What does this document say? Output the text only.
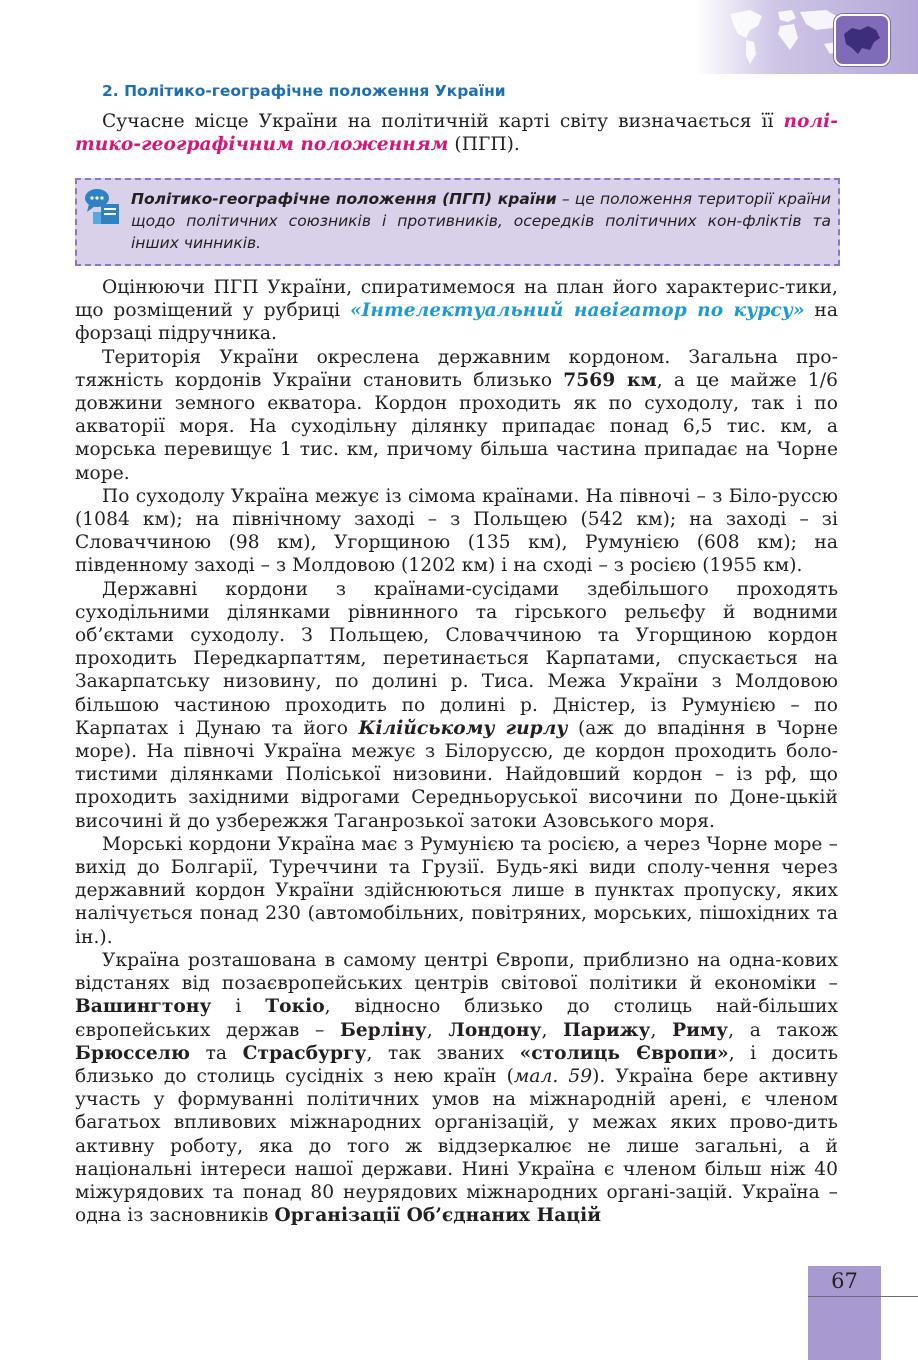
2. Політико-географічне положення України

Сучасне місце України на політичній карті світу визначається її полі-тико-географічним положенням (ПГП).

Політико-географічне положення (ПГП) країни – це положення території країни щодо політичних союзників і противників, осередків політичних кон-фліктів та інших чинників.

Оцінюючи ПГП України, спиратимемося на план його характерис-тики, що розміщений у рубриці «Інтелектуальний навігатор по курсу» на форзаці підручника.

Територія України окреслена державним кордоном. Загальна про-тяжність кордонів України становить близько 7569 км, а це майже 1/6 довжини земного екватора. Кордон проходить як по суходолу, так і по акваторії моря. На суходільну ділянку припадає понад 6,5 тис. км, а морська перевищує 1 тис. км, причому більша частина припадає на Чорне море.

По суходолу Україна межує із сімома країнами. На півночі – з Біло-руссю (1084 км); на північному заході – з Польщею (542 км); на заході – зі Словаччиною (98 км), Угорщиною (135 км), Румунією (608 км); на південному заході – з Молдовою (1202 км) і на сході – з росією (1955 км).

Державні кордони з країнами-сусідами здебільшого проходять суходільними ділянками рівнинного та гірського рельєфу й водними об’єктами суходолу. З Польщею, Словаччиною та Угорщиною кордон проходить Передкарпаттям, перетинається Карпатами, спускається на Закарпатську низовину, по долині р. Тиса. Межа України з Молдовою більшою частиною проходить по долині р. Дністер, із Румунією – по Карпатах і Дунаю та його Кілійському гирлу (аж до впадіння в Чорне море). На півночі Україна межує з Білоруссю, де кордон проходить боло-тистими ділянками Поліської низовини. Найдовший кордон – із рф, що проходить західними відрогами Середньоруської височини по Доне-цькій височині й до узбережжя Таганрозької затоки Азовського моря.

Морські кордони Україна має з Румунією та росією, а через Чорне море – вихід до Болгарії, Туреччини та Грузії. Будь-які види сполу-чення через державний кордон України здійснюються лише в пунктах пропуску, яких налічується понад 230 (автомобільних, повітряних, морських, пішохідних та ін.).

Україна розташована в самому центрі Європи, приблизно на одна-кових відстанях від позаєвропейських центрів світової політики й економіки – Вашингтону і Токіо, відносно близько до столиць най-більших європейських держав – Берліну, Лондону, Парижу, Риму, а також Брюсселю та Страсбургу, так званих «столиць Європи», і досить близько до столиць сусідніх з нею країн (мал. 59). Україна бере активну участь у формуванні політичних умов на міжнародній арені, є членом багатьох впливових міжнародних організацій, у межах яких прово-дить активну роботу, яка до того ж віддзеркалює не лише загальні, а й національні інтереси нашої держави. Нині Україна є членом більш ніж 40 міжурядових та понад 80 неурядових міжнародних органі-зацій. Україна – одна із засновників Організації Об’єднаних Націй

67
